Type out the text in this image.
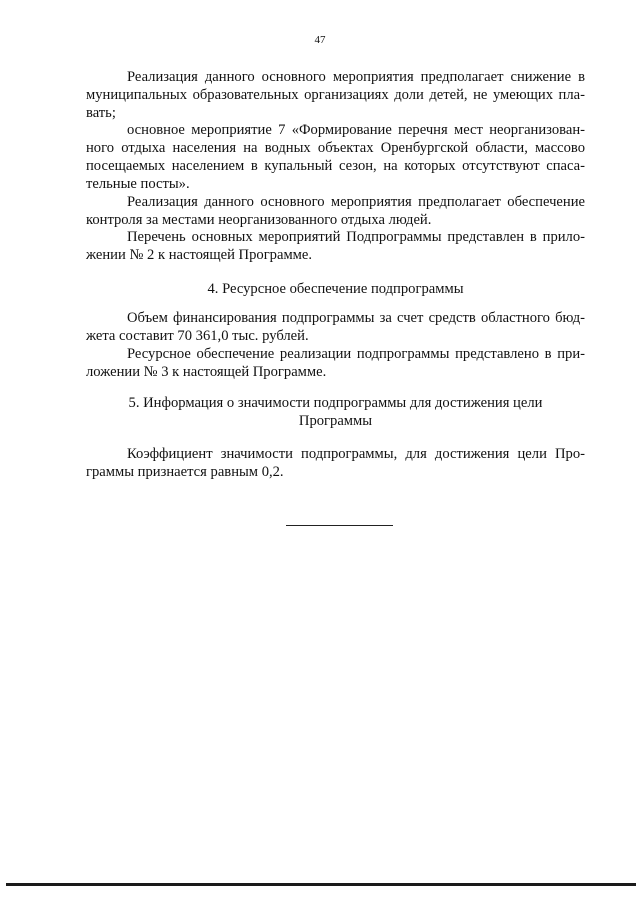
47
Реализация данного основного мероприятия предполагает снижение в
муниципальных образовательных организациях доли детей, не умеющих пла-
вать;
основное мероприятие 7 «Формирование перечня мест неорганизован-
ного отдыха населения на водных объектах Оренбургской области, массово
посещаемых населением в купальный сезон, на которых отсутствуют спаса-
тельные посты».
Реализация данного основного мероприятия предполагает обеспечение
контроля за местами неорганизованного отдыха людей.
Перечень основных мероприятий Подпрограммы представлен в прило-
жении № 2 к настоящей Программе.
4. Ресурсное обеспечение подпрограммы
Объем финансирования подпрограммы за счет средств областного бюд-
жета составит 70 361,0 тыс. рублей.
Ресурсное обеспечение реализации подпрограммы представлено в при-
ложении № 3 к настоящей Программе.
5. Информация о значимости подпрограммы для достижения цели
Программы
Коэффициент значимости подпрограммы, для достижения цели Про-
граммы признается равным 0,2.
